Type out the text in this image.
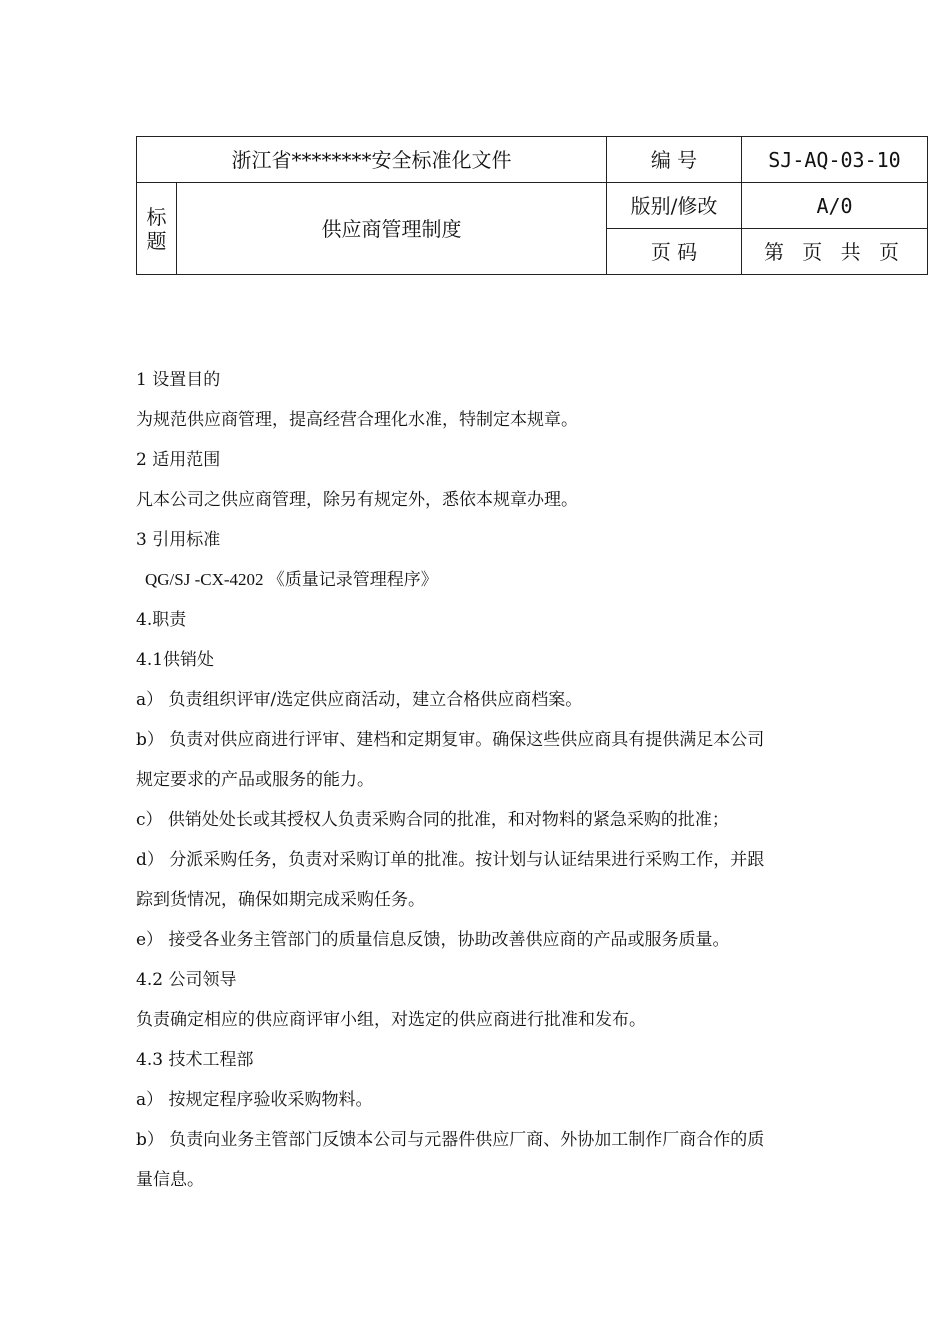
浙江省********安全标准化文件		编 号	SJ-AQ-03-10

标
题	供应商管理制度	版别/修改	A/0
		页 码	第 页 共 页

1 设置目的

为规范供应商管理，提高经营合理化水准，特制定本规章。

2 适用范围

凡本公司之供应商管理，除另有规定外，悉依本规章办理。

3 引用标准

QG/SJ -CX-4202 《质量记录管理程序》

4.职责

4.1供销处

a） 负责组织评审/选定供应商活动，建立合格供应商档案。

b） 负责对供应商进行评审、建档和定期复审。确保这些供应商具有提供满足本公司

规定要求的产品或服务的能力。

c） 供销处处长或其授权人负责采购合同的批准，和对物料的紧急采购的批准；

d） 分派采购任务，负责对采购订单的批准。按计划与认证结果进行采购工作，并跟

踪到货情况，确保如期完成采购任务。

e） 接受各业务主管部门的质量信息反馈，协助改善供应商的产品或服务质量。

4.2 公司领导

负责确定相应的供应商评审小组，对选定的供应商进行批准和发布。

4.3 技术工程部

a） 按规定程序验收采购物料。

b） 负责向业务主管部门反馈本公司与元器件供应厂商、外协加工制作厂商合作的质

量信息。
